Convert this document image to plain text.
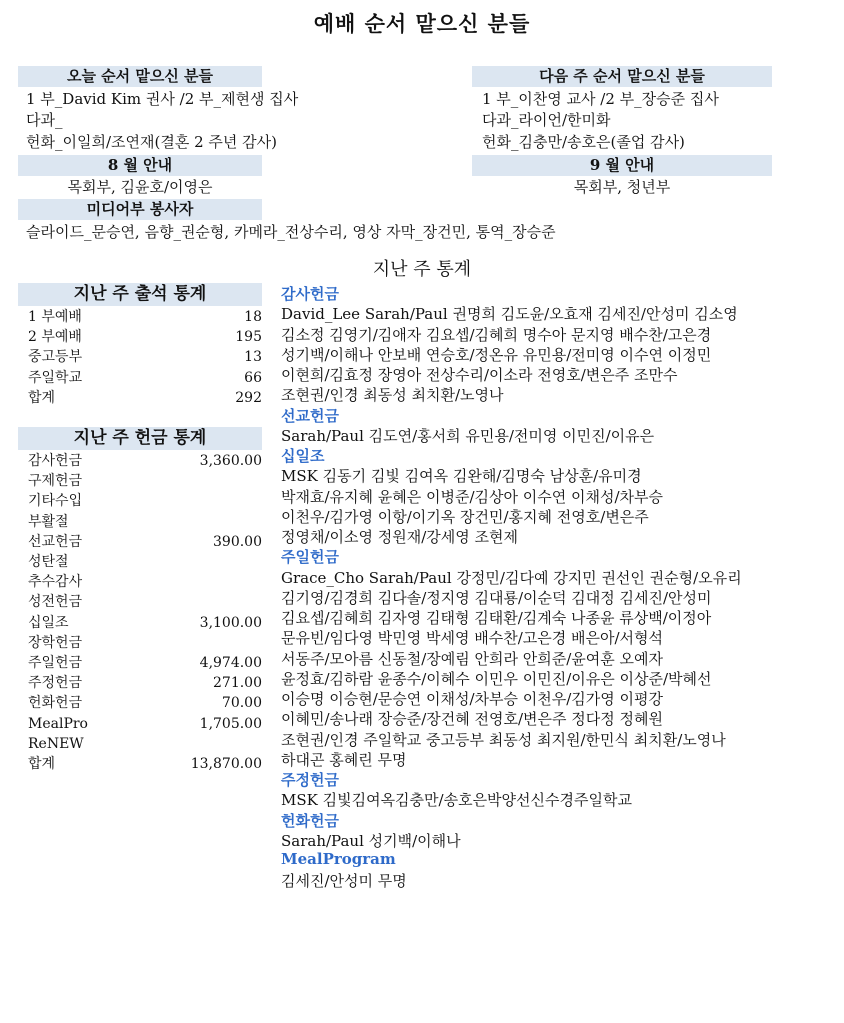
예배 순서 맡으신 분들
오늘 순서 맡으신 분들
1 부_David Kim 권사 /2 부_제현생 집사
다과_
헌화_이일희/조연재(결혼 2 주년 감사)
다음 주 순서 맡으신 분들
1 부_이찬영 교사 /2 부_장승준 집사
다과_라이언/한미화
헌화_김충만/송호은(졸업 감사)
8 월 안내
목회부, 김윤호/이영은
9 월 안내
목회부, 청년부
미디어부 봉사자
슬라이드_문승연, 음향_권순형, 카메라_전상수리, 영상 자막_장건민, 통역_장승준
지난 주 통계
지난 주 출석 통계
1 부예배	18
2 부예배	195
중고등부	13
주일학교	66
합계	292
지난 주 헌금 통계
감사헌금	3,360.00
구제헌금
기타수입
부활절
선교헌금	390.00
성탄절
추수감사
성전헌금
십일조	3,100.00
장학헌금
주일헌금	4,974.00
주정헌금	271.00
헌화헌금	70.00
MealPro	1,705.00
ReNEW
합계	13,870.00
감사헌금
David_Lee Sarah/Paul 권명희 김도윤/오효재 김세진/안성미 김소영
김소정 김영기/김애자 김요셉/김혜희 명수아 문지영 배수찬/고은경
성기백/이해나 안보배 연승호/정온유 유민용/전미영 이수연 이정민
이현희/김효정 장영아 전상수리/이소라 전영호/변은주 조만수
조현권/인경 최동성 최치환/노영나
선교헌금
Sarah/Paul 김도연/홍서희 유민용/전미영 이민진/이유은
십일조
MSK 김동기 김빛 김여옥 김완해/김명숙 남상훈/유미경
박재효/유지혜 윤혜은 이병준/김상아 이수연 이채성/차부승
이천우/김가영 이항/이기옥 장건민/홍지혜 전영호/변은주
정영채/이소영 정원재/강세영 조현제
주일헌금
Grace_Cho Sarah/Paul 강정민/김다예 강지민 권선인 권순형/오유리
김기영/김경희 김다솔/정지영 김대룡/이순덕 김대정 김세진/안성미
김요셉/김혜희 김자영 김태형 김태환/김계숙 나종윤 류상백/이정아
문유빈/임다영 박민영 박세영 배수찬/고은경 배은아/서형석
서동주/모아름 신동철/장예림 안희라 안희준/윤여훈 오예자
윤정효/김하람 윤종수/이혜수 이민우 이민진/이유은 이상준/박혜선
이승명 이승현/문승연 이채성/차부승 이천우/김가영 이평강
이혜민/송나래 장승준/장건혜 전영호/변은주 정다정 정혜원
조현권/인경 주일학교 중고등부 최동성 최지원/한민식 최치환/노영나
하대곤 홍혜린 무명
주정헌금
MSK 김빛김여옥김충만/송호은박양선신수경주일학교
헌화헌금
Sarah/Paul 성기백/이해나
MealProgram
김세진/안성미 무명
